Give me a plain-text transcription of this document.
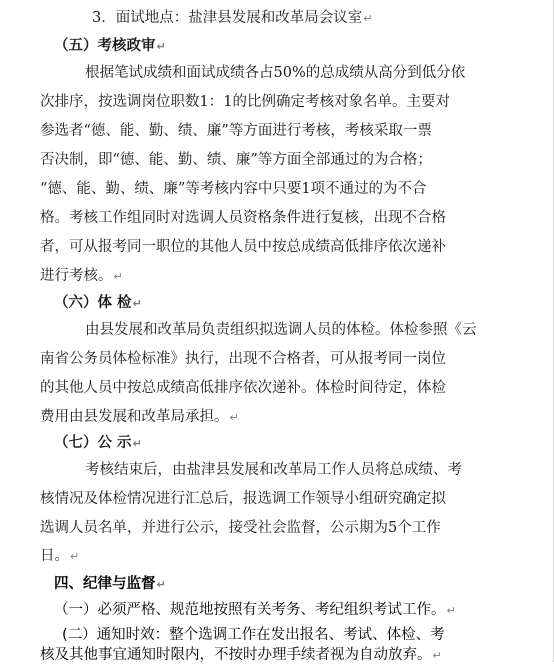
3．面试地点：盐津县发展和改革局会议室↵
（五）考核政审↵
根据笔试成绩和面试成绩各占50%的总成绩从高分到低分依
次排序，按选调岗位职数1：1的比例确定考核对象名单。主要对
参选者“德、能、勤、绩、廉”等方面进行考核，考核采取一票
否决制，即“德、能、勤、绩、廉”等方面全部通过的为合格；
“德、能、勤、绩、廉”等考核内容中只要1项不通过的为不合
格。考核工作组同时对选调人员资格条件进行复核，出现不合格
者，可从报考同一职位的其他人员中按总成绩高低排序依次递补
进行考核。↵
（六）体 检↵
由县发展和改革局负责组织拟选调人员的体检。体检参照《云
南省公务员体检标准》执行，出现不合格者，可从报考同一岗位
的其他人员中按总成绩高低排序依次递补。体检时间待定，体检
费用由县发展和改革局承担。↵
（七）公 示↵
考核结束后，由盐津县发展和改革局工作人员将总成绩、考
核情况及体检情况进行汇总后，报选调工作领导小组研究确定拟
选调人员名单，并进行公示，接受社会监督，公示期为5个工作
日。↵
四、纪律与监督↵
（一）必须严格、规范地按照有关考务、考纪组织考试工作。↵
(二）通知时效：整个选调工作在发出报名、考试、体检、考
核及其他事宜通知时限内，不按时办理手续者视为自动放弃。↵
